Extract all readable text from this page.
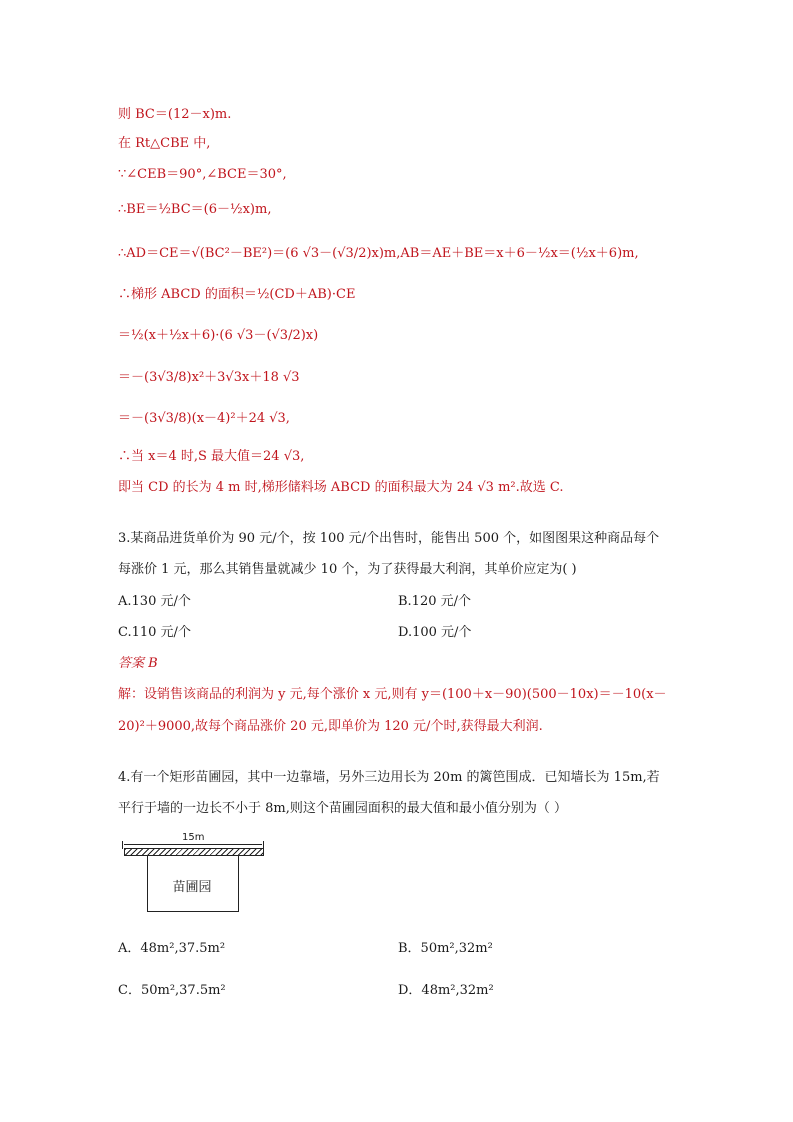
则 BC＝(12－x)m.
在 Rt△CBE 中,
∵∠CEB＝90°,∠BCE＝30°,
∴BE＝½BC＝(6－½x)m,
∴AD＝CE＝√(BC²－BE²)＝(6 √3－(√3/2)x)m,AB＝AE＋BE＝x＋6－½x＝(½x＋6)m,
∴梯形 ABCD 的面积＝½(CD＋AB)·CE
＝½(x＋½x＋6)·(6 √3－(√3/2)x)
＝－(3√3/8)x²＋3√3x＋18 √3
＝－(3√3/8)(x－4)²＋24 √3,
∴当 x＝4 时,S 最大值＝24 √3,
即当 CD 的长为 4 m 时,梯形储料场 ABCD 的面积最大为 24 √3 m².故选 C.
3.某商品进货单价为 90 元/个，按 100 元/个出售时，能售出 500 个，如图图果这种商品每个
每涨价 1 元，那么其销售量就减少 10 个，为了获得最大利润，其单价应定为( )
A.130 元/个	B.120 元/个
C.110 元/个	D.100 元/个
答案 B
解：设销售该商品的利润为 y 元,每个涨价 x 元,则有 y＝(100＋x－90)(500－10x)＝－10(x－
20)²＋9000,故每个商品涨价 20 元,即单价为 120 元/个时,获得最大利润.
4.有一个矩形苗圃园，其中一边靠墙，另外三边用长为 20m 的篱笆围成．已知墙长为 15m,若
平行于墙的一边长不小于 8m,则这个苗圃园面积的最大值和最小值分别为（ ）
15m
苗圃园
A．48m²,37.5m²	B．50m²,32m²
C．50m²,37.5m²	D．48m²,32m²
